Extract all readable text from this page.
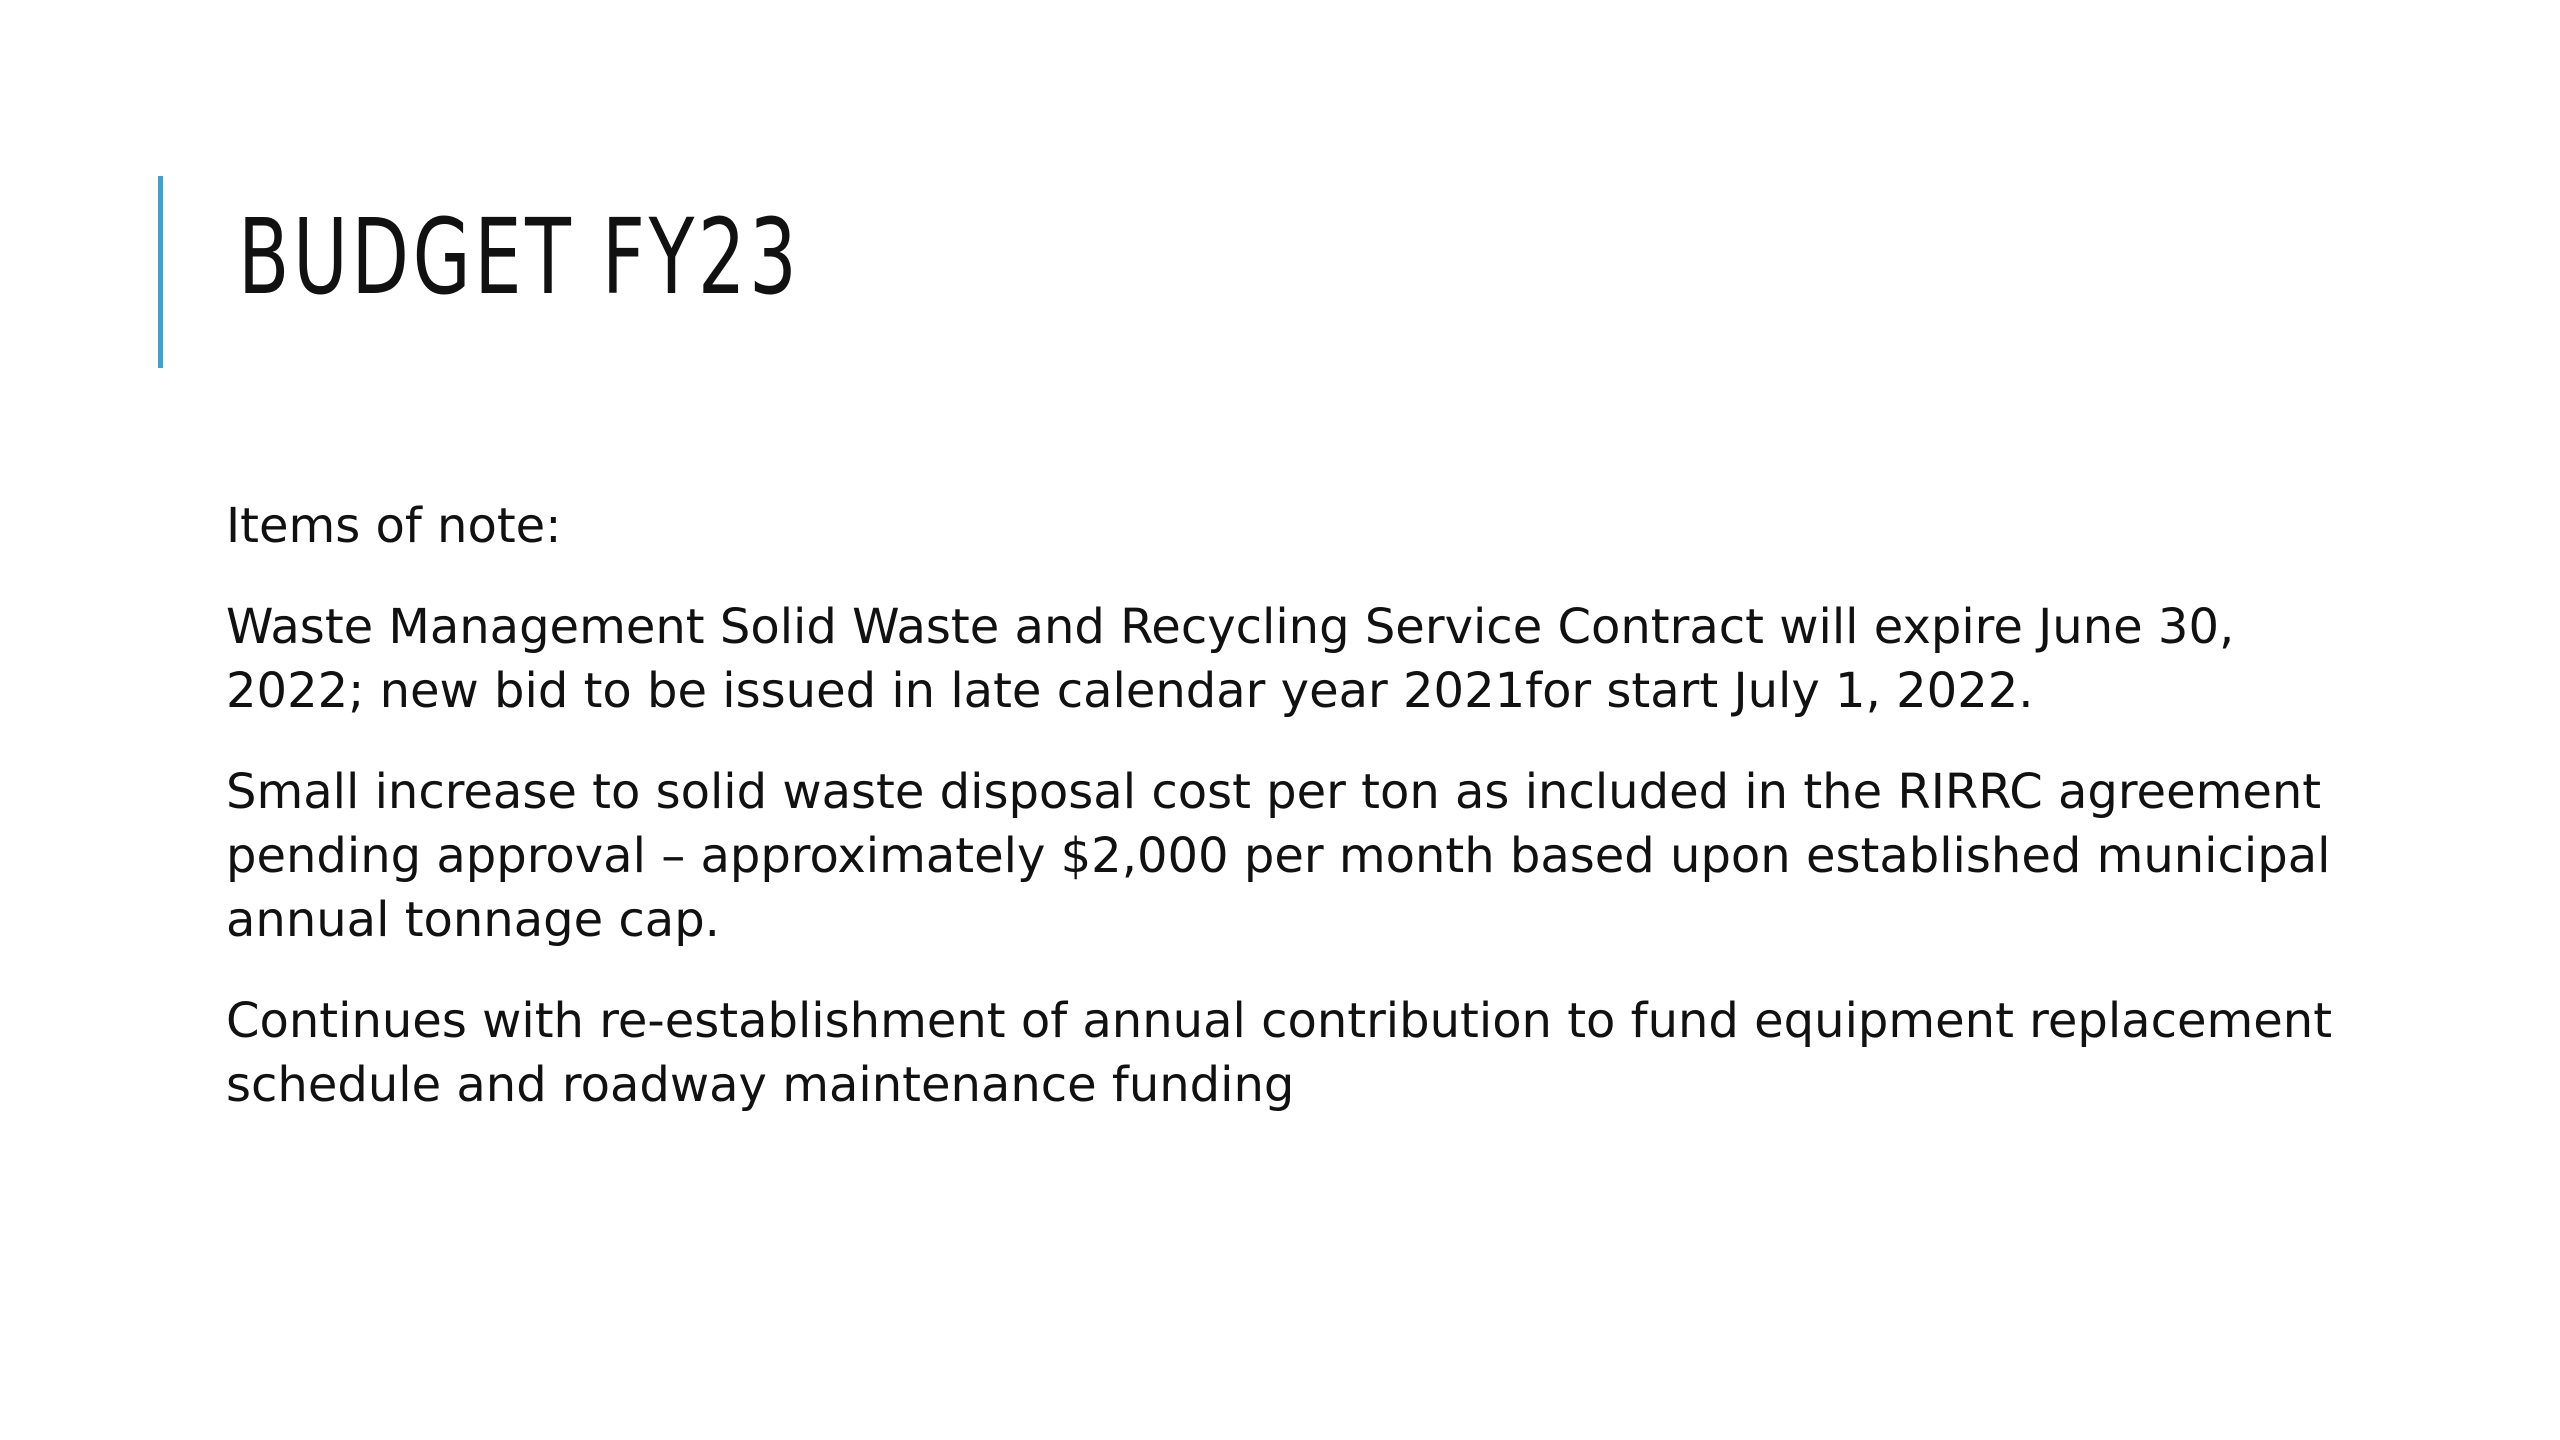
BUDGET FY23

Items of note:

Waste Management Solid Waste and Recycling Service Contract will expire June 30, 2022; new bid to be issued in late calendar year 2021for start July 1, 2022.

Small increase to solid waste disposal cost per ton as included in the RIRRC agreement pending approval – approximately $2,000 per month based upon established municipal annual tonnage cap.

Continues with re-establishment of annual contribution to fund equipment replacement schedule and roadway maintenance funding
